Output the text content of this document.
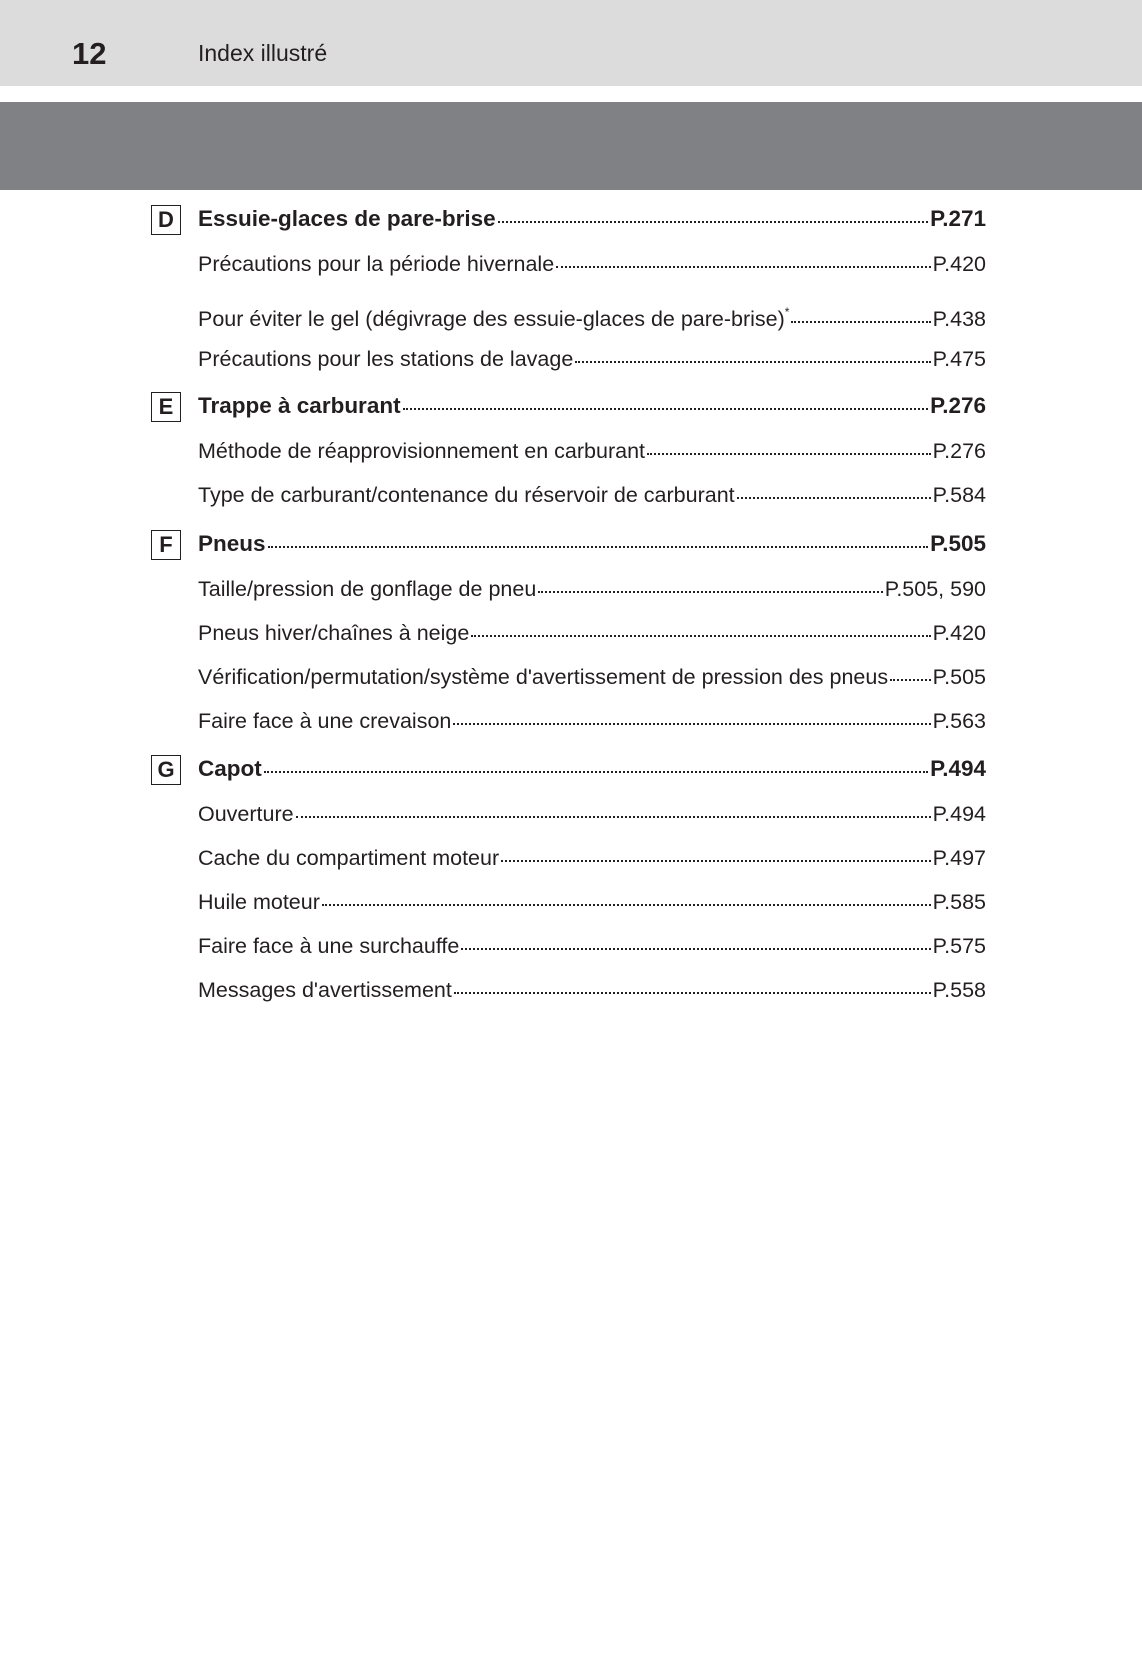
12	Index illustré
D	Essuie-glaces de pare-brise	P.271
Précautions pour la période hivernale	P.420
Pour éviter le gel (dégivrage des essuie-glaces de pare-brise)*	P.438
Précautions pour les stations de lavage	P.475
E	Trappe à carburant	P.276
Méthode de réapprovisionnement en carburant	P.276
Type de carburant/contenance du réservoir de carburant	P.584
F	Pneus	P.505
Taille/pression de gonflage de pneu	P.505, 590
Pneus hiver/chaînes à neige	P.420
Vérification/permutation/système d'avertissement de pression des pneus P.505
Faire face à une crevaison	P.563
G Capot	P.494
Ouverture	P.494
Cache du compartiment moteur	P.497
Huile moteur	P.585
Faire face à une surchauffe	P.575
Messages d'avertissement	P.558
